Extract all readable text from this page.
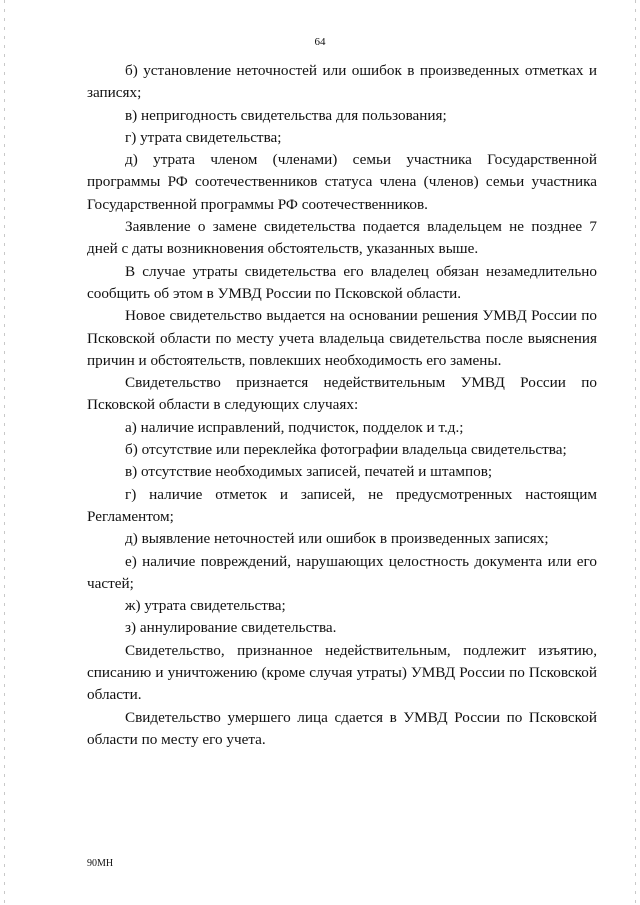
64

б) установление неточностей или ошибок в произведенных отметках и записях;

в) непригодность свидетельства для пользования;

г) утрата свидетельства;

д) утрата членом (членами) семьи участника Государственной программы РФ соотечественников статуса члена (членов) семьи участника Государственной программы РФ соотечественников.

Заявление о замене свидетельства подается владельцем не позднее 7 дней с даты возникновения обстоятельств, указанных выше.

В случае утраты свидетельства его владелец обязан незамедлительно сообщить об этом в УМВД России по Псковской области.

Новое свидетельство выдается на основании решения УМВД России по Псковской области по месту учета владельца свидетельства после выяснения причин и обстоятельств, повлекших необходимость его замены.

Свидетельство признается недействительным УМВД России по Псковской области в следующих случаях:

а) наличие исправлений, подчисток, подделок и т.д.;

б) отсутствие или переклейка фотографии владельца свидетельства;

в) отсутствие необходимых записей, печатей и штампов;

г) наличие отметок и записей, не предусмотренных настоящим Регламентом;

д) выявление неточностей или ошибок в произведенных записях;

е) наличие повреждений, нарушающих целостность документа или его частей;

ж) утрата свидетельства;

з) аннулирование свидетельства.

Свидетельство, признанное недействительным, подлежит изъятию, списанию и уничтожению (кроме случая утраты) УМВД России по Псковской области.

Свидетельство умершего лица сдается в УМВД России по Псковской области по месту его учета.

90МН
